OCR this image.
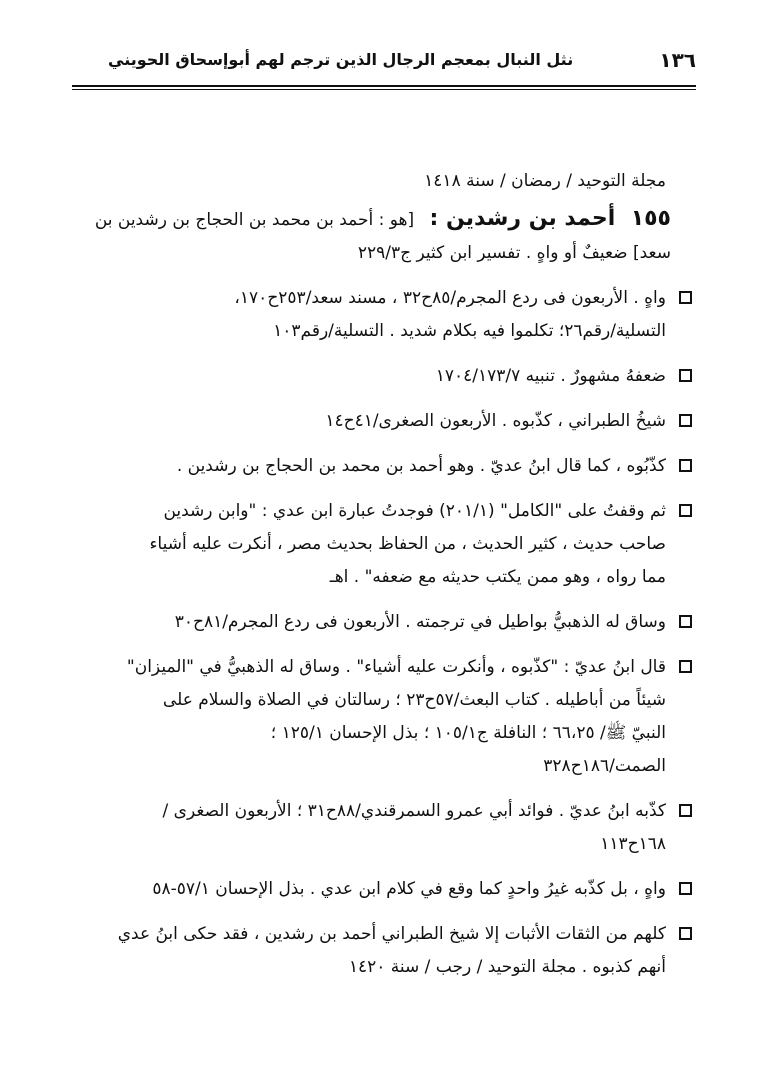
١٣٦
نثل النبال بمعجم الرجال الذين ترجم لهم أبوإسحاق الحويني
مجلة التوحيد / رمضان / سنة ١٤١٨
١٥٥ أحمد بن رشدين : [هو : أحمد بن محمد بن الحجاج بن رشدين بن
سعد] ضعيفٌ أو واهٍ . تفسير ابن كثير ج٢٢٩/٣
واهٍ . الأربعون فى ردع المجرم/٨٥ح٣٢ ، مسند سعد/٢٥٣ح١٧٠،
التسلية/رقم٢٦؛ تكلموا فيه بكلام شديد . التسلية/رقم١٠٣
ضعفهُ مشهورٌ . تنبيه ١٧٠٤/١٧٣/٧
شيخُ الطبراني ، كذّبوه . الأربعون الصغرى/٤١ح١٤
كذّبُوه ، كما قال ابنُ عديّ . وهو أحمد بن محمد بن الحجاج بن رشدين .
ثم وقفتُ على "الكامل" (٢٠١/١) فوجدتُ عبارة ابن عدي : "وابن رشدين
صاحب حديث ، كثير الحديث ، من الحفاظ بحديث مصر ، أنكرت عليه أشياء
مما رواه ، وهو ممن يكتب حديثه مع ضعفه" . اهـ
وساق له الذهبيُّ بواطيل في ترجمته . الأربعون فى ردع المجرم/٨١ح٣٠
قال ابنُ عديّ : "كذّبوه ، وأنكرت عليه أشياء" . وساق له الذهبيُّ في "الميزان"
شيئاً من أباطيله . كتاب البعث/٥٧ح٢٣ ؛ رسالتان في الصلاة والسلام على
النبيّ ﷺ/ ٦٦،٢٥ ؛ النافلة ج١٠٥/١ ؛ بذل الإحسان ١٢٥/١ ؛
الصمت/١٨٦ح٣٢٨
كذّبه ابنُ عديّ . فوائد أبي عمرو السمرقندي/٨٨ح٣١ ؛ الأربعون الصغرى /
١٦٨ح١١٣
واهٍ ، بل كذّبه غيرُ واحدٍ كما وقع في كلام ابن عدي . بذل الإحسان ٥٧/١-٥٨
كلهم من الثقات الأثبات إلا شيخ الطبراني أحمد بن رشدين ، فقد حكى ابنُ عدي
أنهم كذبوه . مجلة التوحيد / رجب / سنة ١٤٢٠
